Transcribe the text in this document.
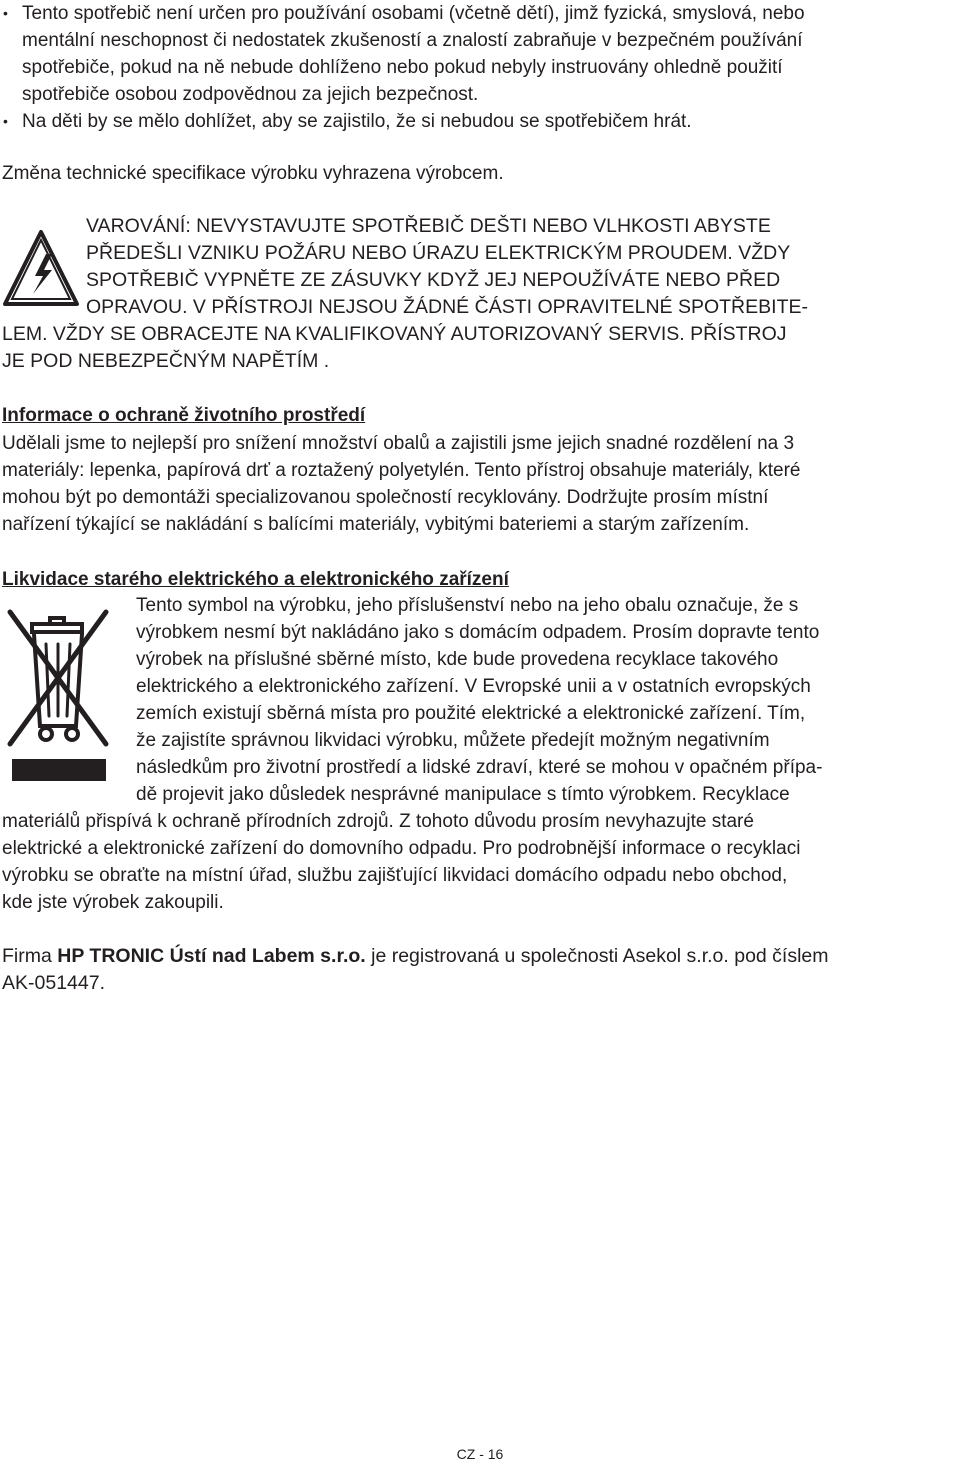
• Tento spotřebič není určen pro používání osobami (včetně dětí), jimž fyzická, smyslová, nebo
mentální neschopnost či nedostatek zkušeností a znalostí zabraňuje v bezpečném používání
spotřebiče, pokud na ně nebude dohlíženo nebo pokud nebyly instruovány ohledně použití
spotřebiče osobou zodpovědnou za jejich bezpečnost.
• Na děti by se mělo dohlížet, aby se zajistilo, že si nebudou se spotřebičem hrát.
Změna technické specifikace výrobku vyhrazena výrobcem.
VAROVÁNÍ: NEVYSTAVUJTE SPOTŘEBIČ DEŠTI NEBO VLHKOSTI ABYSTE
PŘEDEŠLI VZNIKU POŽÁRU NEBO ÚRAZU ELEKTRICKÝM PROUDEM. VŽDY
SPOTŘEBIČ VYPNĚTE ZE ZÁSUVKY KDYŽ JEJ NEPOUŽÍVÁTE NEBO PŘED
OPRAVOU. V PŘÍSTROJI NEJSOU ŽÁDNÉ ČÁSTI OPRAVITELNÉ SPOTŘEBITE-
LEM. VŽDY SE OBRACEJTE NA KVALIFIKOVANÝ AUTORIZOVANÝ SERVIS. PŘÍSTROJ
JE POD NEBEZPEČNÝM NAPĚTÍM .
Informace o ochraně životního prostředí
Udělali jsme to nejlepší pro snížení množství obalů a zajistili jsme jejich snadné rozdělení na 3
materiály: lepenka, papírová drť a roztažený polyetylén. Tento přístroj obsahuje materiály, které
mohou být po demontáži specializovanou společností recyklovány. Dodržujte prosím místní
nařízení týkající se nakládání s balícími materiály, vybitými bateriemi a starým zařízením.
Likvidace starého elektrického a elektronického zařízení
Tento symbol na výrobku, jeho příslušenství nebo na jeho obalu označuje, že s
výrobkem nesmí být nakládáno jako s domácím odpadem. Prosím dopravte tento
výrobek na příslušné sběrné místo, kde bude provedena recyklace takového
elektrického a elektronického zařízení. V Evropské unii a v ostatních evropských
zemích existují sběrná místa pro použité elektrické a elektronické zařízení. Tím,
že zajistíte správnou likvidaci výrobku, můžete předejít možným negativním
následkům pro životní prostředí a lidské zdraví, které se mohou v opačném přípa-
dě projevit jako důsledek nesprávné manipulace s tímto výrobkem. Recyklace
materiálů přispívá k ochraně přírodních zdrojů. Z tohoto důvodu prosím nevyhazujte staré
elektrické a elektronické zařízení do domovního odpadu. Pro podrobnější informace o recyklaci
výrobku se obraťte na místní úřad, službu zajišťující likvidaci domácího odpadu nebo obchod,
kde jste výrobek zakoupili.
Firma HP TRONIC Ústí nad Labem s.r.o. je registrovaná u společnosti Asekol s.r.o. pod číslem
AK-051447.
CZ - 16
